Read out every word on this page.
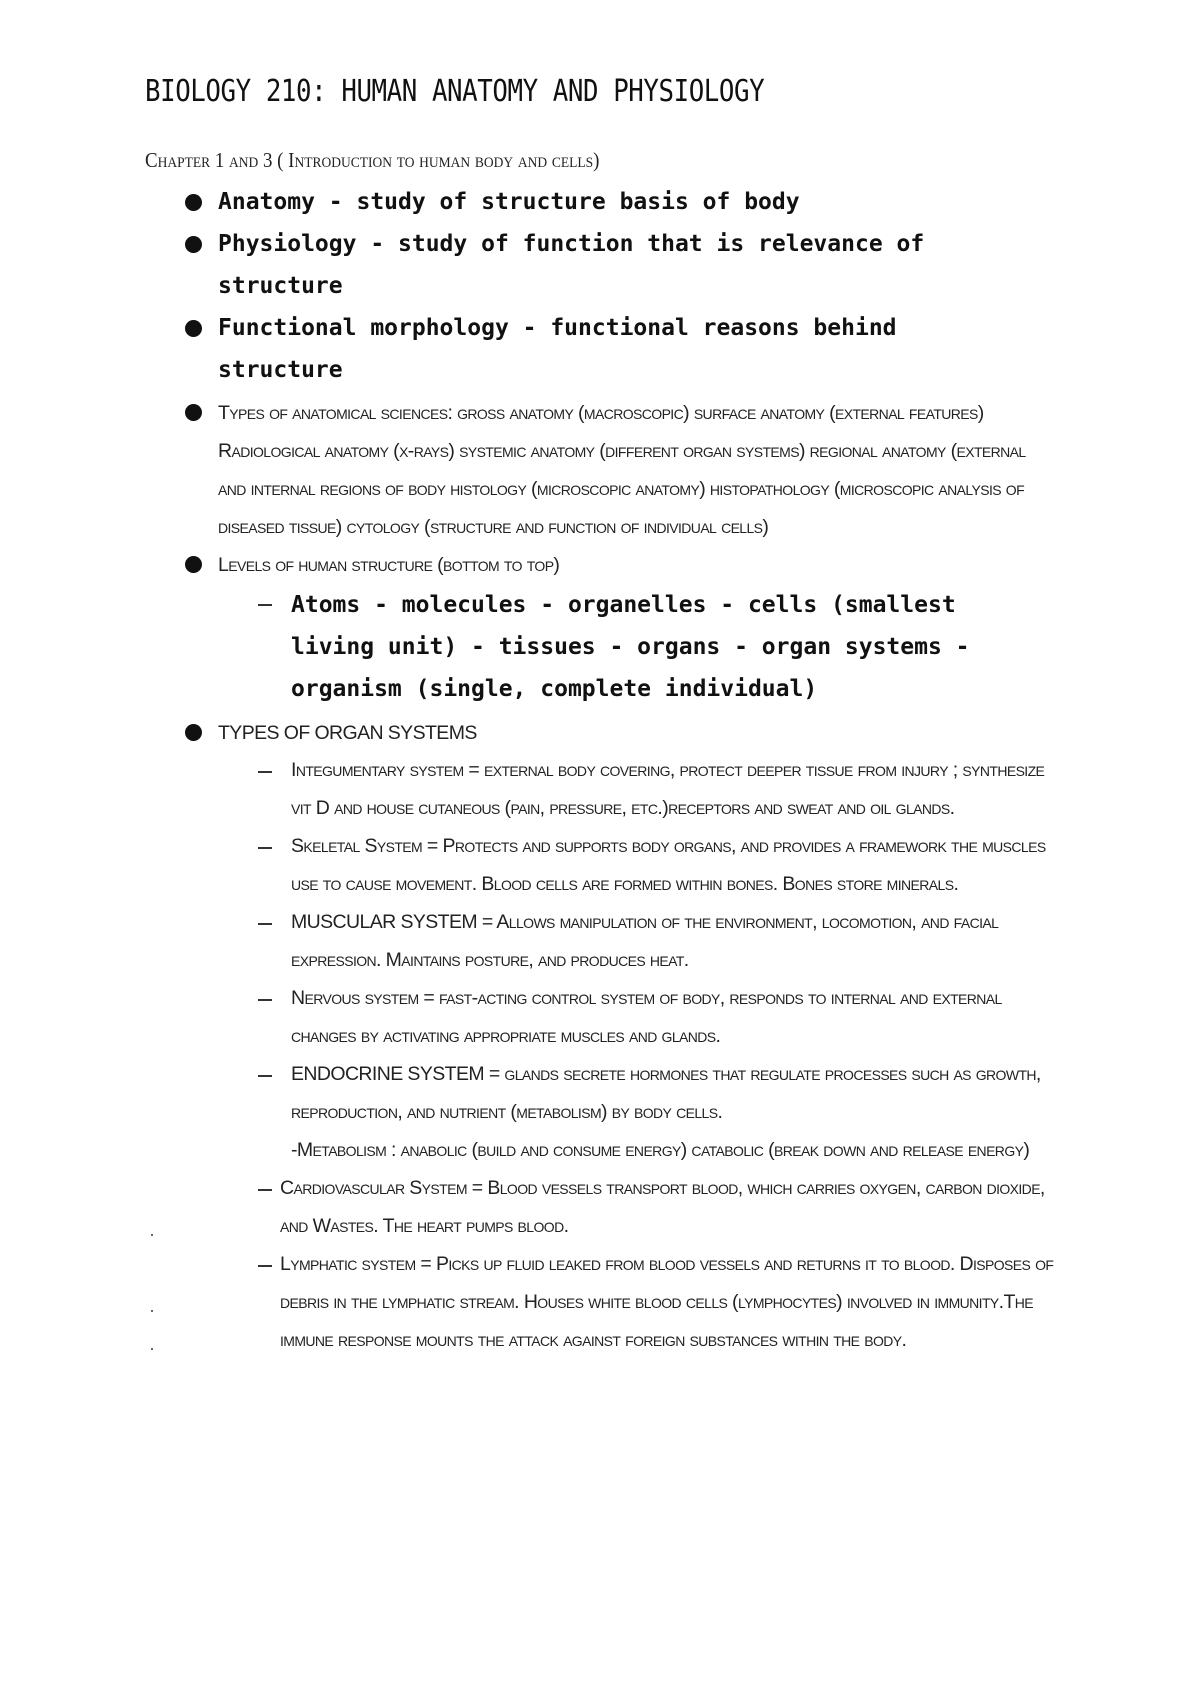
BIOLOGY 210: HUMAN ANATOMY AND PHYSIOLOGY
Chapter 1 and 3 ( Introduction to human body and cells)
Anatomy - study of structure basis of body
Physiology - study of function that is relevance of structure
Functional morphology - functional reasons behind structure
Types of anatomical sciences: gross anatomy (macroscopic) surface anatomy (external features) Radiological anatomy (x-rays) systemic anatomy (different organ systems) regional anatomy (external and internal regions of body histology (microscopic anatomy) histopathology (microscopic analysis of diseased tissue) cytology (structure and function of individual cells)
Levels of human structure (bottom to top)
Atoms - molecules - organelles - cells (smallest living unit) - tissues - organs - organ systems - organism (single, complete individual)
TYPES OF ORGAN SYSTEMS
Integumentary system = external body covering, protect deeper tissue from injury ; synthesize vit D and house cutaneous (pain, pressure, etc.)receptors and sweat and oil glands.
Skeletal System = Protects and supports body organs, and provides a framework the muscles use to cause movement. Blood cells are formed within bones. Bones store minerals.
MUSCULAR SYSTEM = Allows manipulation of the environment, locomotion, and facial expression. Maintains posture, and produces heat.
Nervous system = fast-acting control system of body, responds to internal and external changes by activating appropriate muscles and glands.
ENDOCRINE SYSTEM = glands secrete hormones that regulate processes such as growth, reproduction, and nutrient (metabolism) by body cells.
-Metabolism : anabolic (build and consume energy) catabolic (break down and release energy)
Cardiovascular System = Blood vessels transport blood, which carries oxygen, carbon dioxide, and Wastes. The heart pumps blood.
Lymphatic system = Picks up fluid leaked from blood vessels and returns it to blood. Disposes of debris in the lymphatic stream. Houses white blood cells (lymphocytes) involved in immunity.The immune response mounts the attack against foreign substances within the body.
